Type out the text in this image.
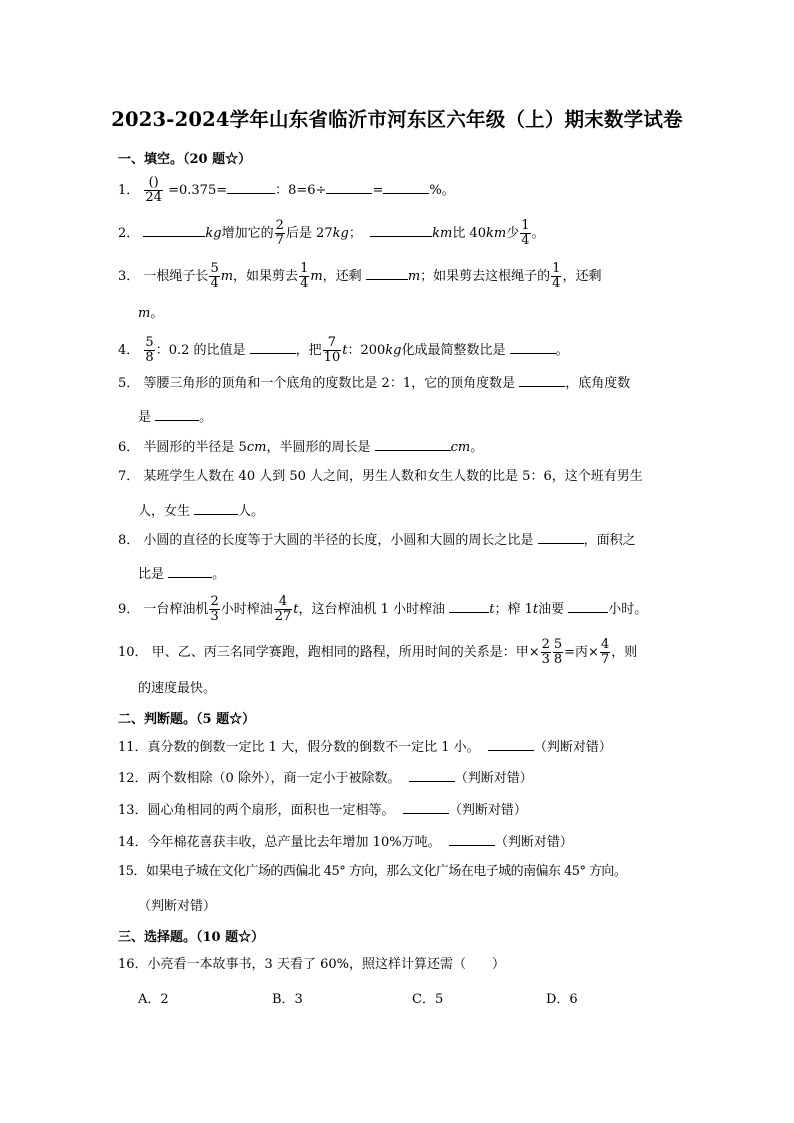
2023-2024学年山东省临沂市河东区六年级（上）期末数学试卷
一、填空。（20 题☆）
1． $\frac{()}{24} =0.375=$	：8=6÷	=	%。
2．	kg增加它的 $\frac{2}{7}$ 后是 27kg；	km比 40km少 $\frac{1}{4}$ 。
3． 一根绳子长 $\frac{5}{4}$ m，如果剪去 $\frac{1}{4}$ m，还剩	m；如果剪去这根绳子的 $\frac{1}{4}$ ，还剩
m。
4． $\frac{5}{8}$ ：0.2 的比值是	，把 $\frac{7}{10}$ t：200kg化成最简整数比是	。
5． 等腰三角形的顶角和一个底角的度数比是 2：1，它的顶角度数是	，底角度数
是	。
6． 半圆形的半径是 5cm，半圆形的周长是	cm。
7． 某班学生人数在 40 人到 50 人之间，男生人数和女生人数的比是 5：6，这个班有男生
人，女生	人。
8． 小圆的直径的长度等于大圆的半径的长度，小圆和大圆的周长之比是	，面积之
比是	。
9． 一台榨油机 $\frac{2}{3}$ 小时榨油 $\frac{4}{27}$ t，这台榨油机 1 小时榨油	t；榨 1t油要	小时。
10． 甲、乙、丙三名同学赛跑，跑相同的路程，所用时间的关系是：甲× $\frac{2}{3} \frac{5}{8}$ =丙× $\frac{4}{7}$ ，则
的速度最快。
二、判断题。（5 题☆）
11．真分数的倒数一定比 1 大，假分数的倒数不一定比 1 小。	（判断对错）
12．两个数相除（0 除外），商一定小于被除数。	（判断对错）
13．圆心角相同的两个扇形，面积也一定相等。	（判断对错）
14．今年棉花喜获丰收，总产量比去年增加 10%万吨。	（判断对错）
15．如果电子城在文化广场的西偏北 45° 方向，那么文化广场在电子城的南偏东 45° 方向。
（判断对错）
三、选择题。（10 题☆）
16．小亮看一本故事书，3 天看了 60%，照这样计算还需（　　）
A．2	B．3	C．5	D．6
